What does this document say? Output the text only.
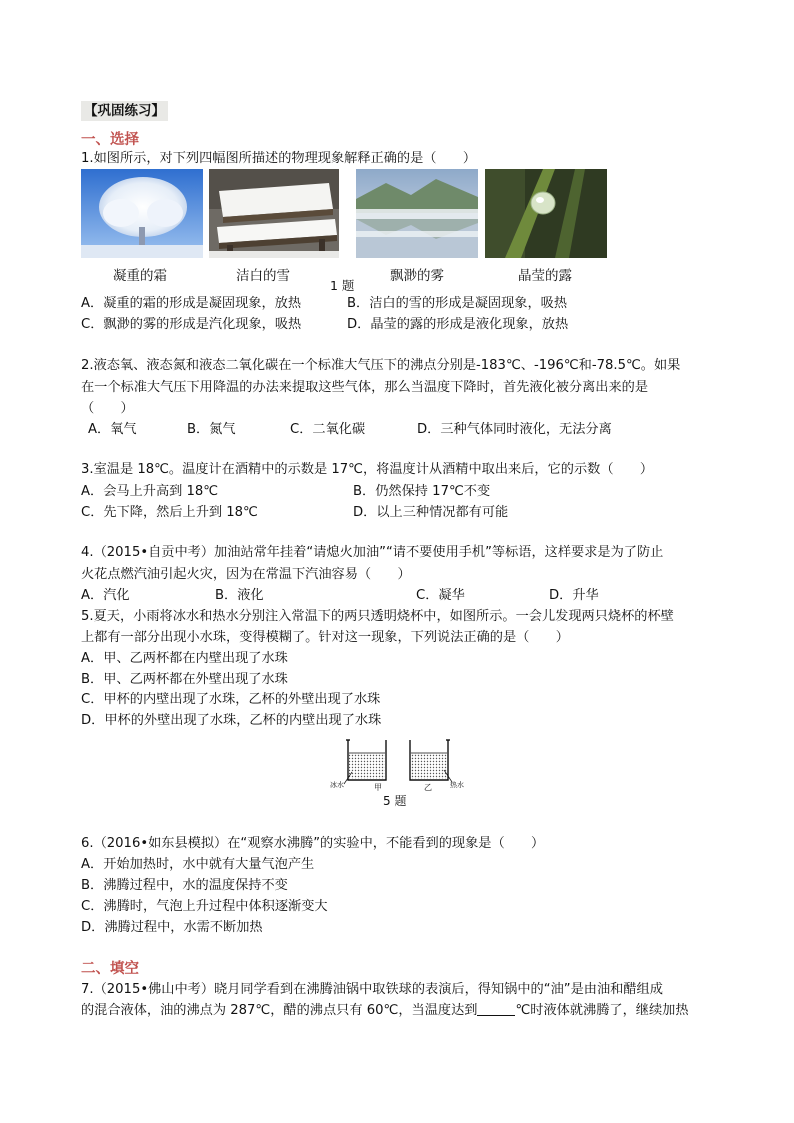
【巩固练习】
一、选择
1.如图所示，对下列四幅图所描述的物理现象解释正确的是（　　）
凝重的霜	洁白的雪	飘渺的雾	晶莹的露
1 题
A．凝重的霜的形成是凝固现象，放热	B．洁白的雪的形成是凝固现象，吸热
C．飘渺的雾的形成是汽化现象，吸热	D．晶莹的露的形成是液化现象，放热
2.液态氧、液态氮和液态二氧化碳在一个标准大气压下的沸点分别是-183℃、-196℃和-78.5℃。如果
在一个标准大气压下用降温的办法来提取这些气体，那么当温度下降时，首先液化被分离出来的是
（　　）
A．氧气	B．氮气	C．二氧化碳	D．三种气体同时液化，无法分离
3.室温是 18℃。温度计在酒精中的示数是 17℃，将温度计从酒精中取出来后，它的示数（　　）
A．会马上升高到 18℃	B．仍然保持 17℃不变
C．先下降，然后上升到 18℃	D．以上三种情况都有可能
4.（2015•自贡中考）加油站常年挂着“请熄火加油”“请不要使用手机”等标语，这样要求是为了防止
火花点燃汽油引起火灾，因为在常温下汽油容易（　　）
A．汽化	B．液化	C．凝华	D．升华
5.夏天，小雨将冰水和热水分别注入常温下的两只透明烧杯中，如图所示。一会儿发现两只烧杯的杯壁
上都有一部分出现小水珠，变得模糊了。针对这一现象，下列说法正确的是（　　）
A．甲、乙两杯都在内壁出现了水珠
B．甲、乙两杯都在外壁出现了水珠
C．甲杯的内壁出现了水珠，乙杯的外壁出现了水珠
D．甲杯的外壁出现了水珠，乙杯的内壁出现了水珠
冰水	甲	乙	热水
5 题
6.（2016•如东县模拟）在“观察水沸腾”的实验中，不能看到的现象是（　　）
A．开始加热时，水中就有大量气泡产生
B．沸腾过程中，水的温度保持不变
C．沸腾时，气泡上升过程中体积逐渐变大
D．沸腾过程中，水需不断加热
二、填空
7.（2015•佛山中考）晓月同学看到在沸腾油锅中取铁球的表演后，得知锅中的“油”是由油和醋组成
的混合液体，油的沸点为 287℃，醋的沸点只有 60℃，当温度达到	℃时液体就沸腾了，继续加热
